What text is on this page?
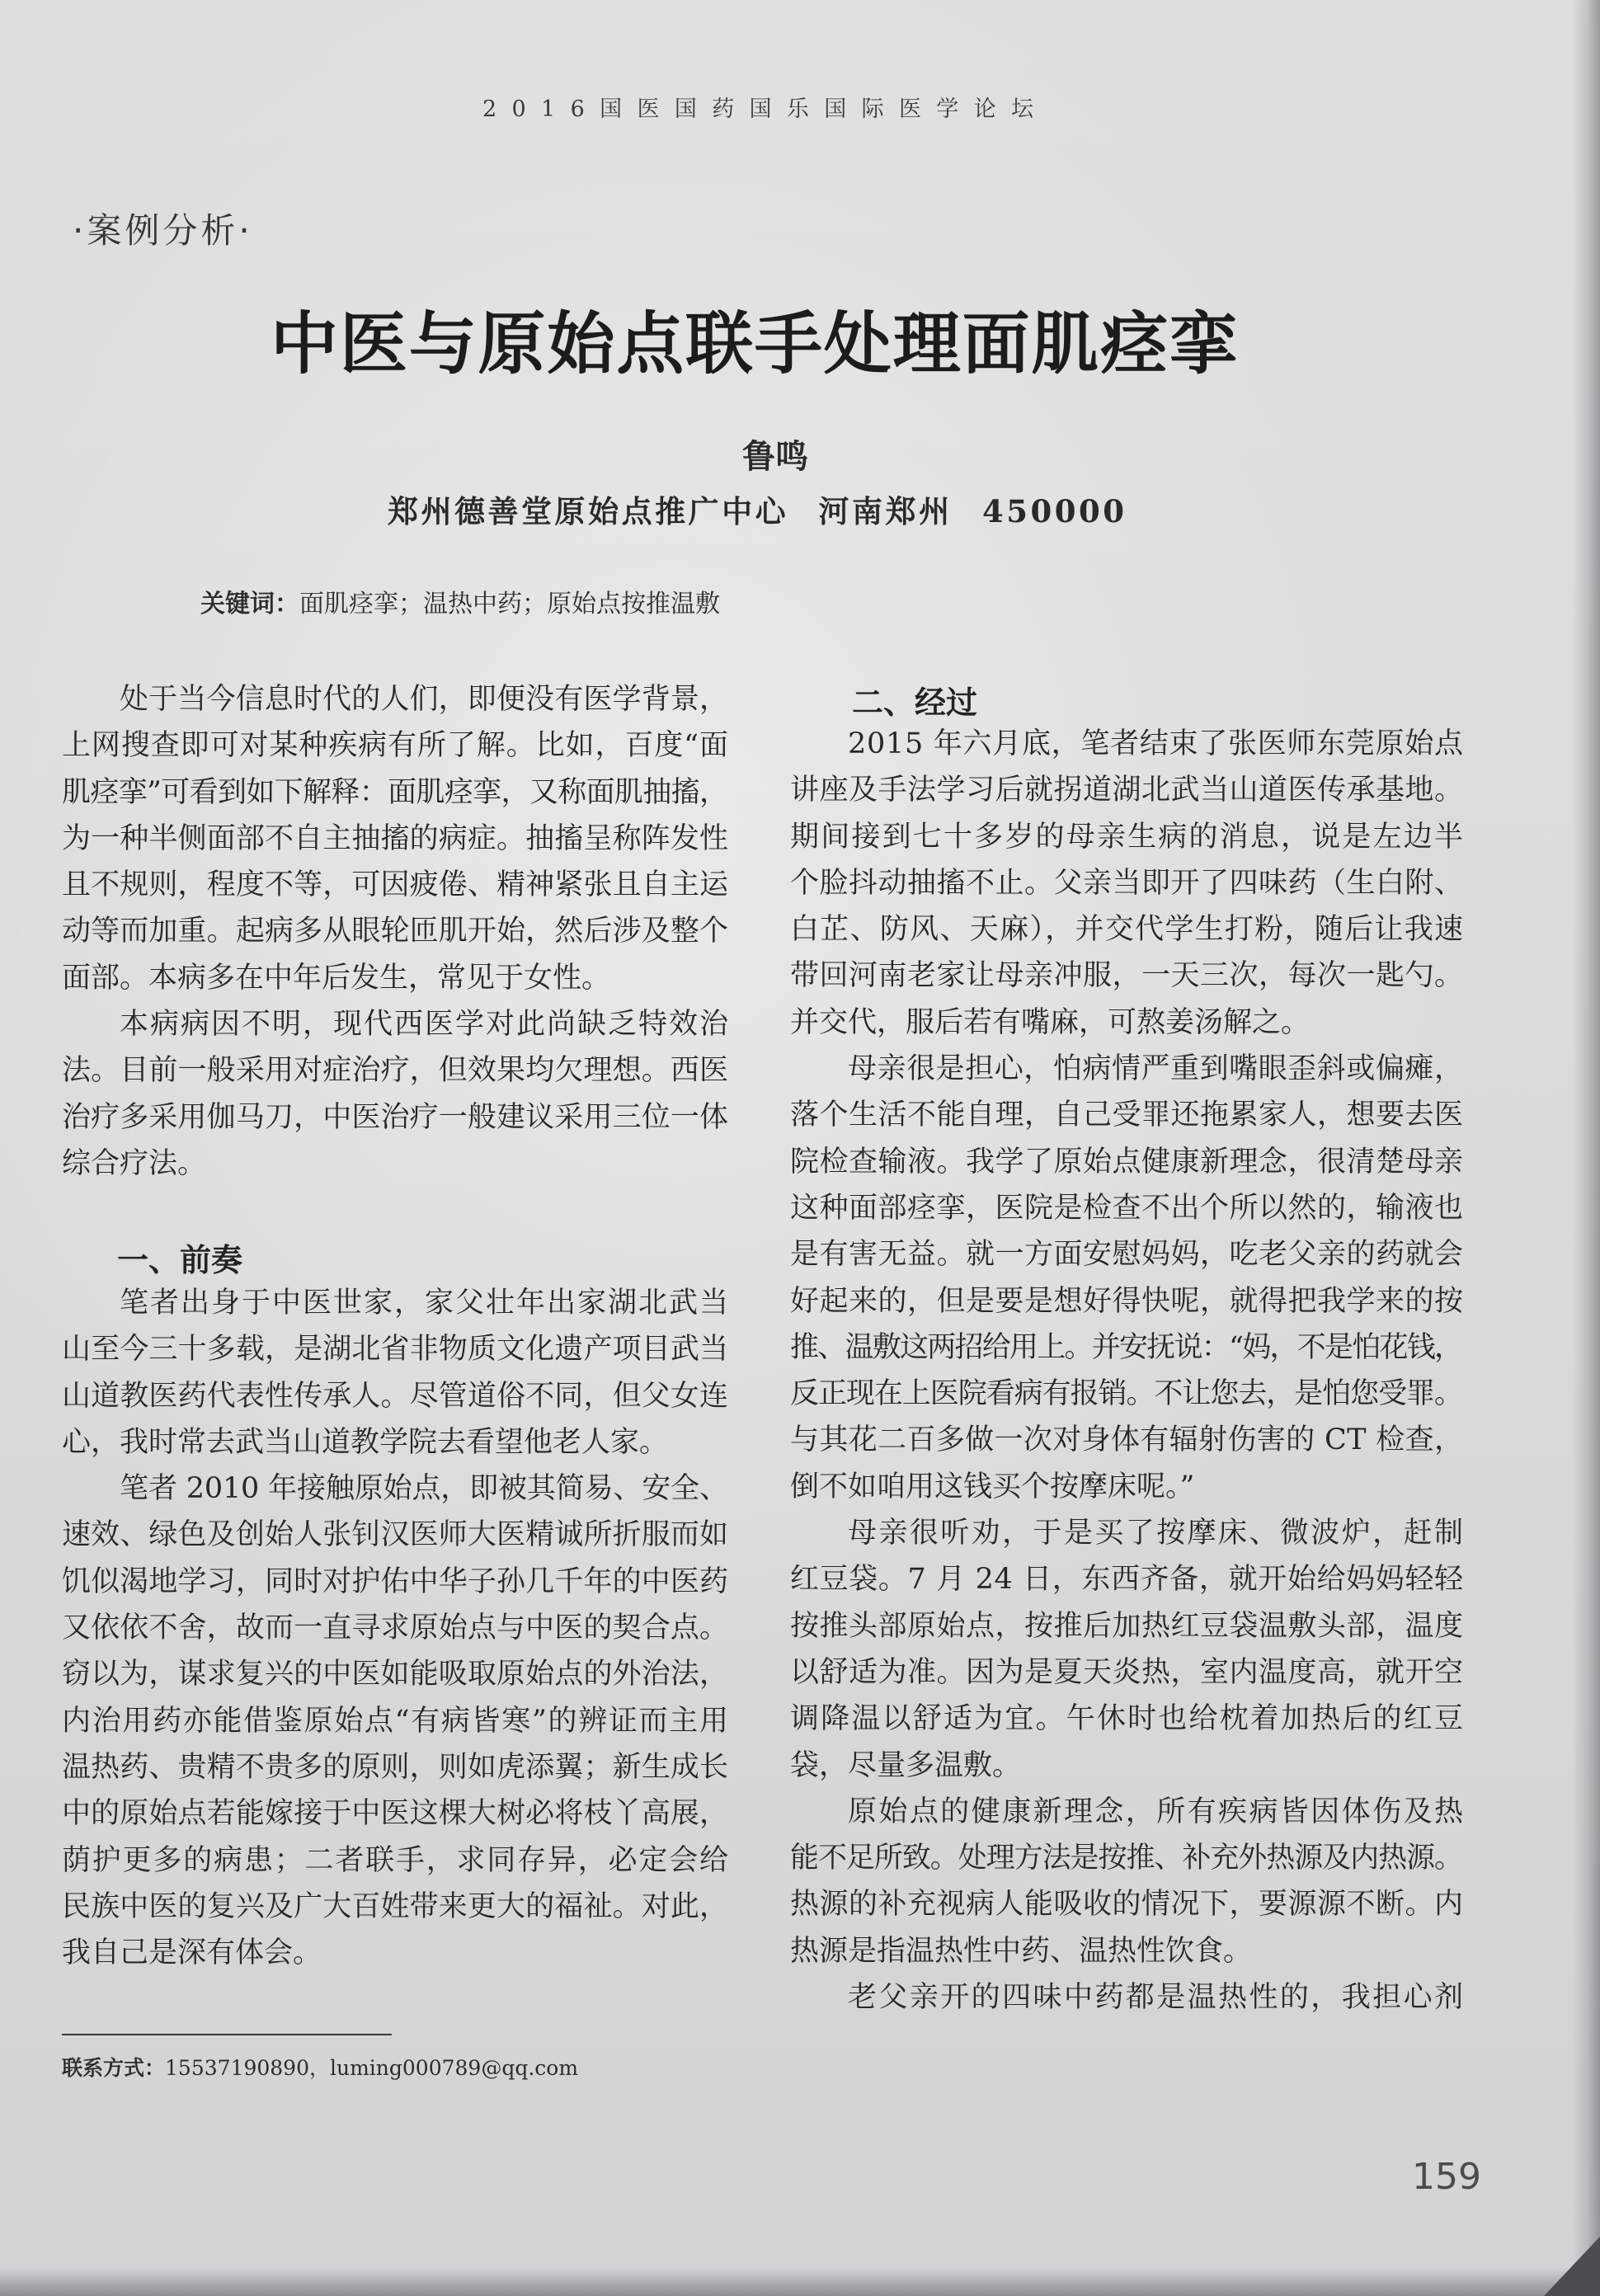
2016国医国药国乐国际医学论坛
·案例分析·
中医与原始点联手处理面肌痉挛
鲁鸣
郑州德善堂原始点推广中心 河南郑州 450000
关键词：面肌痉挛；温热中药；原始点按推温敷
处于当今信息时代的人们，即便没有医学背景，
上网搜查即可对某种疾病有所了解。比如，百度“面
肌痉挛”可看到如下解释：面肌痉挛，又称面肌抽搐，
为一种半侧面部不自主抽搐的病症。抽搐呈称阵发性
且不规则，程度不等，可因疲倦、精神紧张且自主运
动等而加重。起病多从眼轮匝肌开始，然后涉及整个
面部。本病多在中年后发生，常见于女性。
本病病因不明，现代西医学对此尚缺乏特效治
法。目前一般采用对症治疗，但效果均欠理想。西医
治疗多采用伽马刀，中医治疗一般建议采用三位一体
综合疗法。
一、前奏
笔者出身于中医世家，家父壮年出家湖北武当
山至今三十多载，是湖北省非物质文化遗产项目武当
山道教医药代表性传承人。尽管道俗不同，但父女连
心，我时常去武当山道教学院去看望他老人家。
笔者 2010 年接触原始点，即被其简易、安全、
速效、绿色及创始人张钊汉医师大医精诚所折服而如
饥似渴地学习，同时对护佑中华子孙几千年的中医药
又依依不舍，故而一直寻求原始点与中医的契合点。
窃以为，谋求复兴的中医如能吸取原始点的外治法，
内治用药亦能借鉴原始点“有病皆寒”的辨证而主用
温热药、贵精不贵多的原则，则如虎添翼；新生成长
中的原始点若能嫁接于中医这棵大树必将枝丫高展，
荫护更多的病患；二者联手，求同存异，必定会给
民族中医的复兴及广大百姓带来更大的福祉。对此，
我自己是深有体会。
二、经过
2015 年六月底，笔者结束了张医师东莞原始点
讲座及手法学习后就拐道湖北武当山道医传承基地。
期间接到七十多岁的母亲生病的消息，说是左边半
个脸抖动抽搐不止。父亲当即开了四味药（生白附、
白芷、防风、天麻），并交代学生打粉，随后让我速
带回河南老家让母亲冲服，一天三次，每次一匙勺。
并交代，服后若有嘴麻，可熬姜汤解之。
母亲很是担心，怕病情严重到嘴眼歪斜或偏瘫，
落个生活不能自理，自己受罪还拖累家人，想要去医
院检查输液。我学了原始点健康新理念，很清楚母亲
这种面部痉挛，医院是检查不出个所以然的，输液也
是有害无益。就一方面安慰妈妈，吃老父亲的药就会
好起来的，但是要是想好得快呢，就得把我学来的按
推、温敷这两招给用上。并安抚说：“妈，不是怕花钱，
反正现在上医院看病有报销。不让您去，是怕您受罪。
与其花二百多做一次对身体有辐射伤害的 CT 检查，
倒不如咱用这钱买个按摩床呢。”
母亲很听劝，于是买了按摩床、微波炉，赶制
红豆袋。7 月 24 日，东西齐备，就开始给妈妈轻轻
按推头部原始点，按推后加热红豆袋温敷头部，温度
以舒适为准。因为是夏天炎热，室内温度高，就开空
调降温以舒适为宜。午休时也给枕着加热后的红豆
袋，尽量多温敷。
原始点的健康新理念，所有疾病皆因体伤及热
能不足所致。处理方法是按推、补充外热源及内热源。
热源的补充视病人能吸收的情况下，要源源不断。内
热源是指温热性中药、温热性饮食。
老父亲开的四味中药都是温热性的，我担心剂
联系方式：15537190890，luming000789@qq.com
159
